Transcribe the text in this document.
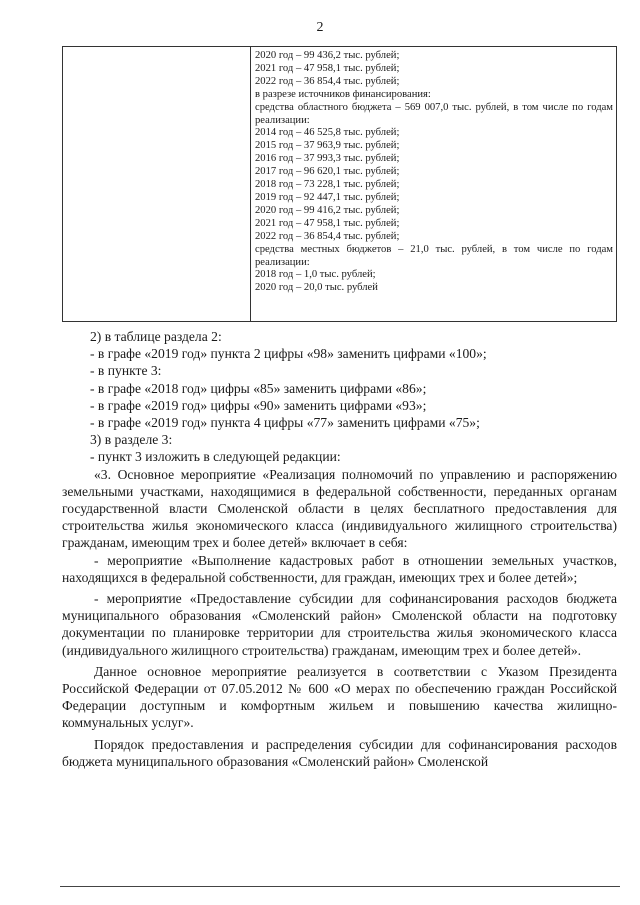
2
2020 год – 99 436,2 тыс. рублей;
2021 год – 47 958,1 тыс. рублей;
2022 год – 36 854,4 тыс. рублей;
в разрезе источников финансирования:
средства областного бюджета – 569 007,0 тыс. рублей, в том числе по годам реализации:
2014 год – 46 525,8 тыс. рублей;
2015 год – 37 963,9 тыс. рублей;
2016 год – 37 993,3 тыс. рублей;
2017 год – 96 620,1 тыс. рублей;
2018 год – 73 228,1 тыс. рублей;
2019 год – 92 447,1 тыс. рублей;
2020 год – 99 416,2 тыс. рублей;
2021 год – 47 958,1 тыс. рублей;
2022 год – 36 854,4 тыс. рублей;
средства местных бюджетов – 21,0 тыс. рублей, в том числе по годам реализации:
2018 год – 1,0 тыс. рублей;
2020 год – 20,0 тыс. рублей

2) в таблице раздела 2:

- в графе «2019 год» пункта 2 цифры «98» заменить цифрами «100»;

- в пункте 3:

- в графе «2018 год» цифры «85» заменить цифрами «86»;

- в графе «2019 год» цифры «90» заменить цифрами «93»;

- в графе «2019 год» пункта 4 цифры «77» заменить цифрами «75»;

3) в разделе 3:

- пункт 3 изложить в следующей редакции:

«3. Основное мероприятие «Реализация полномочий по управлению и распоряжению земельными участками, находящимися в федеральной собственности, переданных органам государственной власти Смоленской области в целях бесплатного предоставления для строительства жилья экономического класса (индивидуального жилищного строительства) гражданам, имеющим трех и более детей» включает в себя:

- мероприятие «Выполнение кадастровых работ в отношении земельных участков, находящихся в федеральной собственности, для граждан, имеющих трех и более детей»;

- мероприятие «Предоставление субсидии для софинансирования расходов бюджета муниципального образования «Смоленский район» Смоленской области на подготовку документации по планировке территории для строительства жилья экономического класса (индивидуального жилищного строительства) гражданам, имеющим трех и более детей».

Данное основное мероприятие реализуется в соответствии с Указом Президента Российской Федерации от 07.05.2012 № 600 «О мерах по обеспечению граждан Российской Федерации доступным и комфортным жильем и повышению качества жилищно-коммунальных услуг».

Порядок предоставления и распределения субсидии для софинансирования расходов бюджета муниципального образования «Смоленский район» Смоленской
